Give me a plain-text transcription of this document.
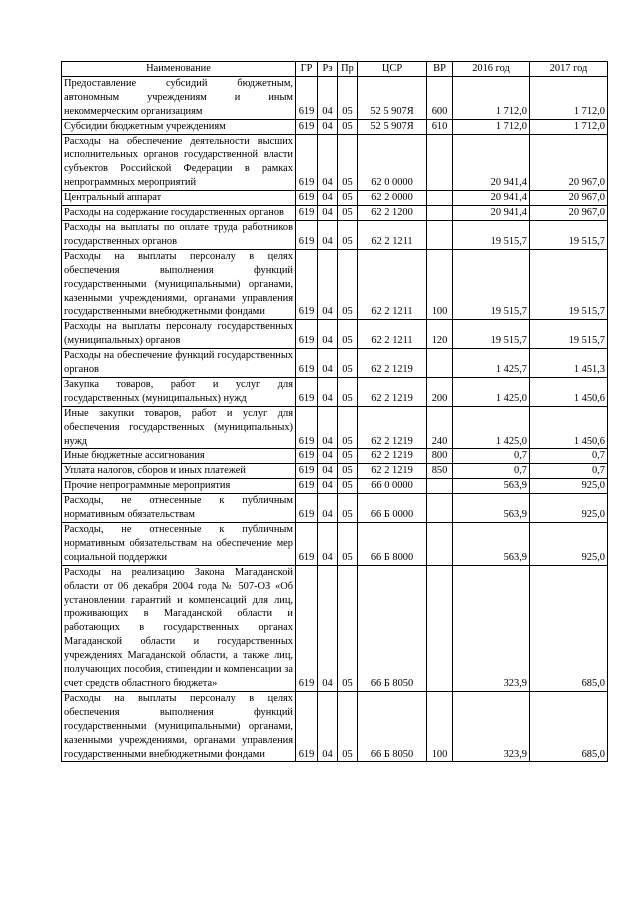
Наименование	ГР	Рз	Пр	ЦСР	ВР	2016 год	2017 год
Предоставление субсидий бюджетным, автономным учреждениям и иным некоммерческим организациям	619	04	05	52 5 907Я	600	1 712,0	1 712,0
Субсидии бюджетным учреждениям	619	04	05	52 5 907Я	610	1 712,0	1 712,0
Расходы на обеспечение деятельности высших исполнительных органов государственной власти субъектов Российской Федерации в рамках непрограммных мероприятий	619	04	05	62 0 0000		20 941,4	20 967,0
Центральный аппарат	619	04	05	62 2 0000		20 941,4	20 967,0
Расходы на содержание государственных органов	619	04	05	62 2 1200		20 941,4	20 967,0
Расходы на выплаты по оплате труда работников государственных органов	619	04	05	62 2 1211		19 515,7	19 515,7
Расходы на выплаты персоналу в целях обеспечения выполнения функций государственными (муниципальными) органами, казенными учреждениями, органами управления государственными внебюджетными фондами	619	04	05	62 2 1211	100	19 515,7	19 515,7
Расходы на выплаты персоналу государственных (муниципальных) органов	619	04	05	62 2 1211	120	19 515,7	19 515,7
Расходы на обеспечение функций государственных органов	619	04	05	62 2 1219		1 425,7	1 451,3
Закупка товаров, работ и услуг для государственных (муниципальных) нужд	619	04	05	62 2 1219	200	1 425,0	1 450,6
Иные закупки товаров, работ и услуг для обеспечения государственных (муниципальных) нужд	619	04	05	62 2 1219	240	1 425,0	1 450,6
Иные бюджетные ассигнования	619	04	05	62 2 1219	800	0,7	0,7
Уплата налогов, сборов и иных платежей	619	04	05	62 2 1219	850	0,7	0,7
Прочие непрограммные мероприятия	619	04	05	66 0 0000		563,9	925,0
Расходы, не отнесенные к публичным нормативным обязательствам	619	04	05	66 Б 0000		563,9	925,0
Расходы, не отнесенные к публичным нормативным обязательствам на обеспечение мер социальной поддержки	619	04	05	66 Б 8000		563,9	925,0
Расходы на реализацию Закона Магаданской области от 06 декабря 2004 года № 507-ОЗ «Об установлении гарантий и компенсаций для лиц, проживающих в Магаданской области и работающих в государственных органах Магаданской области и государственных учреждениях Магаданской области, а также лиц, получающих пособия, стипендии и компенсации за счет средств областного бюджета»	619	04	05	66 Б 8050		323,9	685,0
Расходы на выплаты персоналу в целях обеспечения выполнения функций государственными (муниципальными) органами, казенными учреждениями, органами управления государственными внебюджетными фондами	619	04	05	66 Б 8050	100	323,9	685,0
